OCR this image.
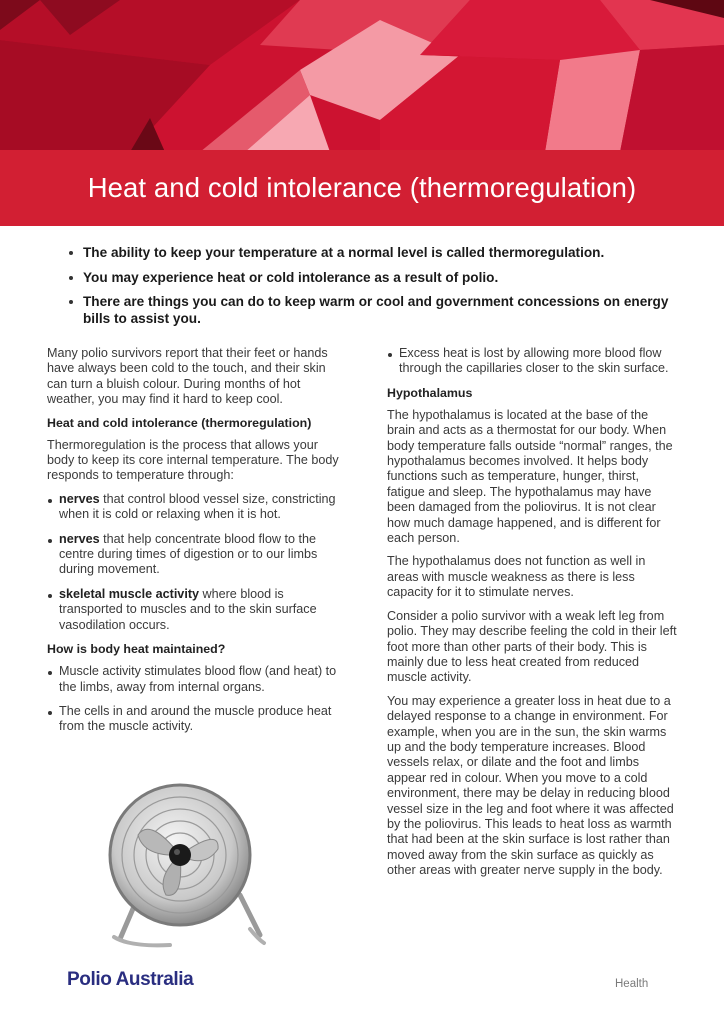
Heat and cold intolerance (thermoregulation)
The ability to keep your temperature at a normal level is called thermoregulation.
You may experience heat or cold intolerance as a result of polio.
There are things you can do to keep warm or cool and government concessions on energy bills to assist you.

Many polio survivors report that their feet or hands have always been cold to the touch, and their skin can turn a bluish colour. During months of hot weather, you may find it hard to keep cool.

Heat and cold intolerance (thermoregulation)

Thermoregulation is the process that allows your body to keep its core internal temperature. The body responds to temperature through:

nerves that control blood vessel size, constricting when it is cold or relaxing when it is hot.
nerves that help concentrate blood flow to the centre during times of digestion or to our limbs during movement.
skeletal muscle activity where blood is transported to muscles and to the skin surface vasodilation occurs.
How is body heat maintained?
Muscle activity stimulates blood flow (and heat) to the limbs, away from internal organs.
The cells in and around the muscle produce heat from the muscle activity.
Excess heat is lost by allowing more blood flow through the capillaries closer to the skin surface.
Hypothalamus

The hypothalamus is located at the base of the brain and acts as a thermostat for our body. When body temperature falls outside “normal” ranges, the hypothalamus becomes involved. It helps body functions such as temperature, hunger, thirst, fatigue and sleep. The hypothalamus may have been damaged from the poliovirus. It is not clear how much damage happened, and is different for each person.

The hypothalamus does not function as well in areas with muscle weakness as there is less capacity for it to stimulate nerves.

Consider a polio survivor with a weak left leg from polio. They may describe feeling the cold in their left foot more than other parts of their body. This is mainly due to less heat created from reduced muscle activity.

You may experience a greater loss in heat due to a delayed response to a change in environment. For example, when you are in the sun, the skin warms up and the body temperature increases. Blood vessels relax, or dilate and the foot and limbs appear red in colour. When you move to a cold environment, there may be delay in reducing blood vessel size in the leg and foot where it was affected by the poliovirus. This leads to heat loss as warmth that had been at the skin surface is lost rather than moved away from the skin surface as quickly as other areas with greater nerve supply in the body.

Polio Australia	Health
